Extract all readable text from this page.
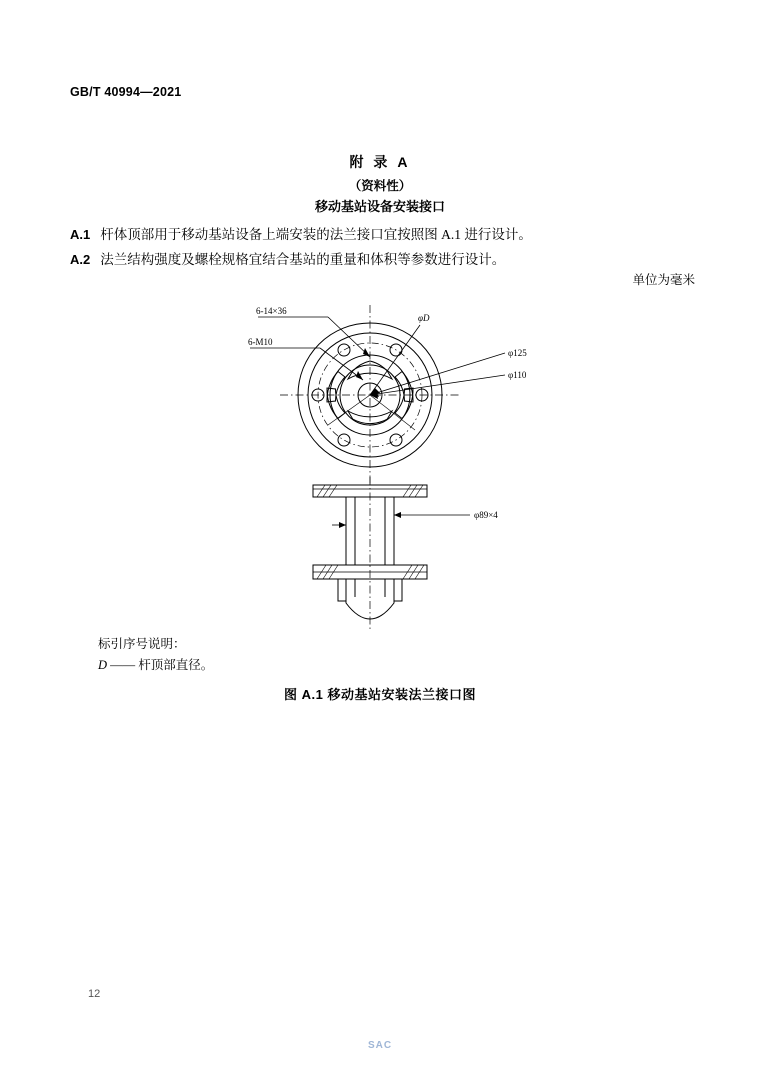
GB/T 40994—2021
附 录 A
（资料性）
移动基站设备安装接口
A.1 杆体顶部用于移动基站设备上端安装的法兰接口宜按照图 A.1 进行设计。
A.2 法兰结构强度及螺栓规格宜结合基站的重量和体积等参数进行设计。
单位为毫米
6-14×36
6-M10
φD
φ125
φ110
φ89×4
标引序号说明：
D —— 杆顶部直径。
图 A.1 移动基站安装法兰接口图
12
SAC
